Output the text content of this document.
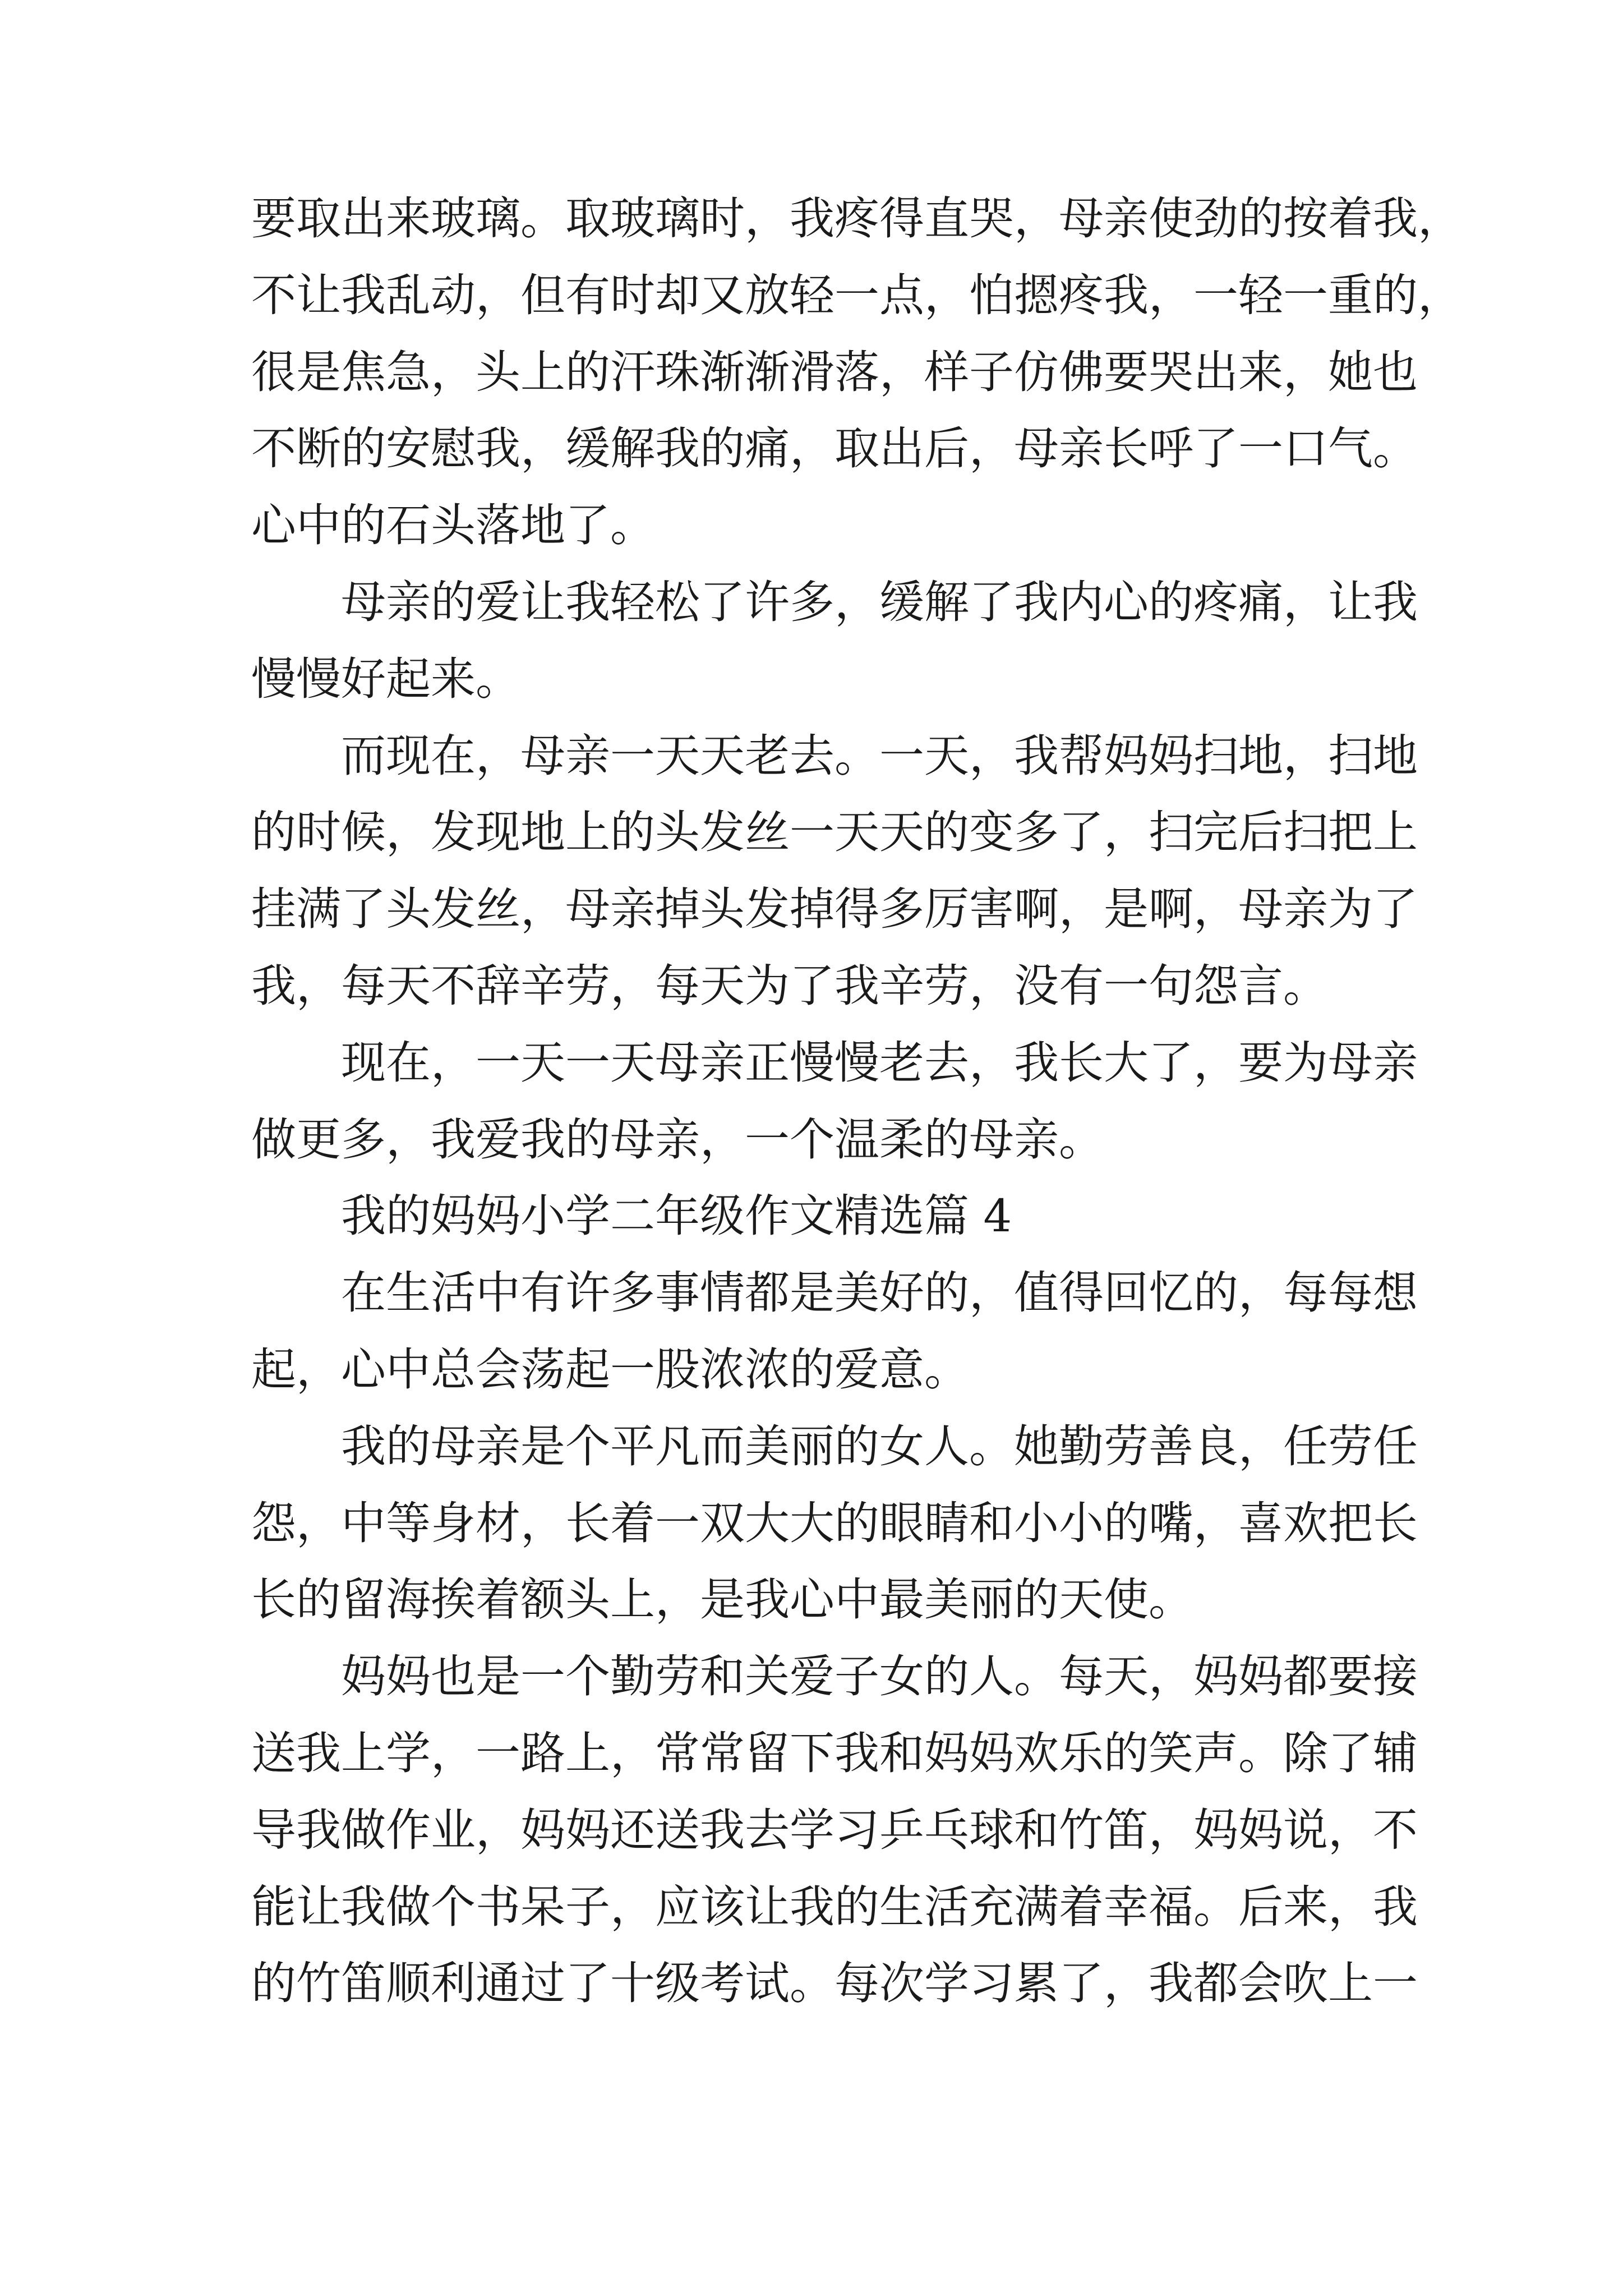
要取出来玻璃。取玻璃时，我疼得直哭，母亲使劲的按着我，
不让我乱动，但有时却又放轻一点，怕摁疼我，一轻一重的，
很是焦急，头上的汗珠渐渐滑落，样子仿佛要哭出来，她也
不断的安慰我，缓解我的痛，取出后，母亲长呼了一口气。
心中的石头落地了。
母亲的爱让我轻松了许多，缓解了我内心的疼痛，让我
慢慢好起来。
而现在，母亲一天天老去。一天，我帮妈妈扫地，扫地
的时候，发现地上的头发丝一天天的变多了，扫完后扫把上
挂满了头发丝，母亲掉头发掉得多厉害啊，是啊，母亲为了
我，每天不辞辛劳，每天为了我辛劳，没有一句怨言。
现在，一天一天母亲正慢慢老去，我长大了，要为母亲
做更多，我爱我的母亲，一个温柔的母亲。
我的妈妈小学二年级作文精选篇 4
在生活中有许多事情都是美好的，值得回忆的，每每想
起，心中总会荡起一股浓浓的爱意。
我的母亲是个平凡而美丽的女人。她勤劳善良，任劳任
怨，中等身材，长着一双大大的眼睛和小小的嘴，喜欢把长
长的留海挨着额头上，是我心中最美丽的天使。
妈妈也是一个勤劳和关爱子女的人。每天，妈妈都要接
送我上学，一路上，常常留下我和妈妈欢乐的笑声。除了辅
导我做作业，妈妈还送我去学习乒乓球和竹笛，妈妈说，不
能让我做个书呆子，应该让我的生活充满着幸福。后来，我
的竹笛顺利通过了十级考试。每次学习累了，我都会吹上一
